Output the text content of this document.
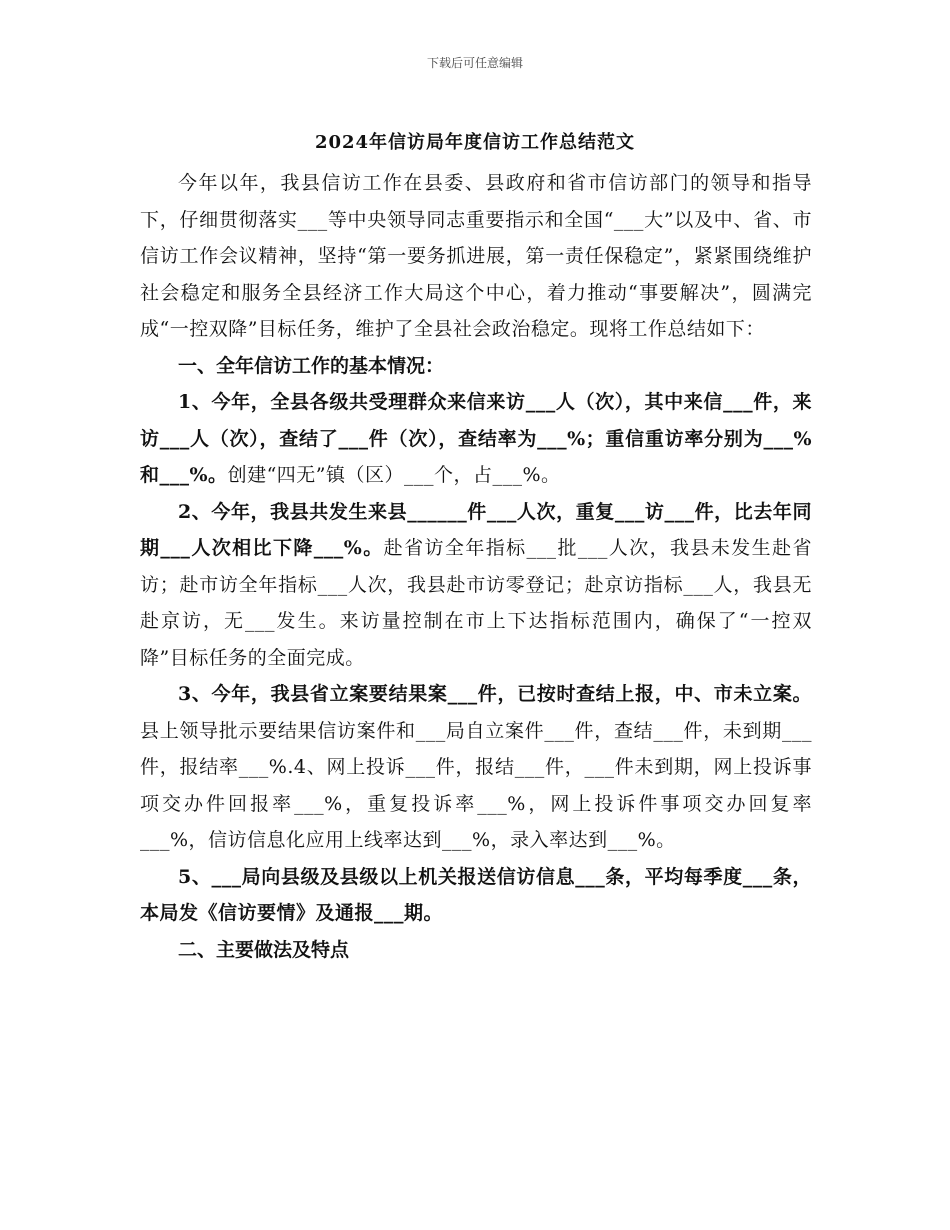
下载后可任意编辑
2024年信访局年度信访工作总结范文

今年以年，我县信访工作在县委、县政府和省市信访部门的领导和指导下，仔细贯彻落实___等中央领导同志重要指示和全国“___大”以及中、省、市信访工作会议精神，坚持“第一要务抓进展，第一责任保稳定”，紧紧围绕维护社会稳定和服务全县经济工作大局这个中心，着力推动“事要解决”，圆满完成“一控双降”目标任务，维护了全县社会政治稳定。现将工作总结如下：

一、全年信访工作的基本情况：

1、今年，全县各级共受理群众来信来访___人（次），其中来信___件，来访___人（次），查结了___件（次），查结率为___%；重信重访率分别为___%和___%。创建“四无”镇（区）___个，占___%。

2、今年，我县共发生来县______件___人次，重复___访___件，比去年同期___人次相比下降___%。赴省访全年指标___批___人次，我县未发生赴省访；赴市访全年指标___人次，我县赴市访零登记；赴京访指标___人，我县无赴京访，无___发生。来访量控制在市上下达指标范围内，确保了“一控双降”目标任务的全面完成。

3、今年，我县省立案要结果案___件，已按时查结上报，中、市未立案。县上领导批示要结果信访案件和___局自立案件___件，查结___件，未到期___件，报结率___%.4、网上投诉___件，报结___件，___件未到期，网上投诉事项交办件回报率___%，重复投诉率___%，网上投诉件事项交办回复率___%，信访信息化应用上线率达到___%，录入率达到___%。

5、___局向县级及县级以上机关报送信访信息___条，平均每季度___条，本局发《信访要情》及通报___期。

二、主要做法及特点
